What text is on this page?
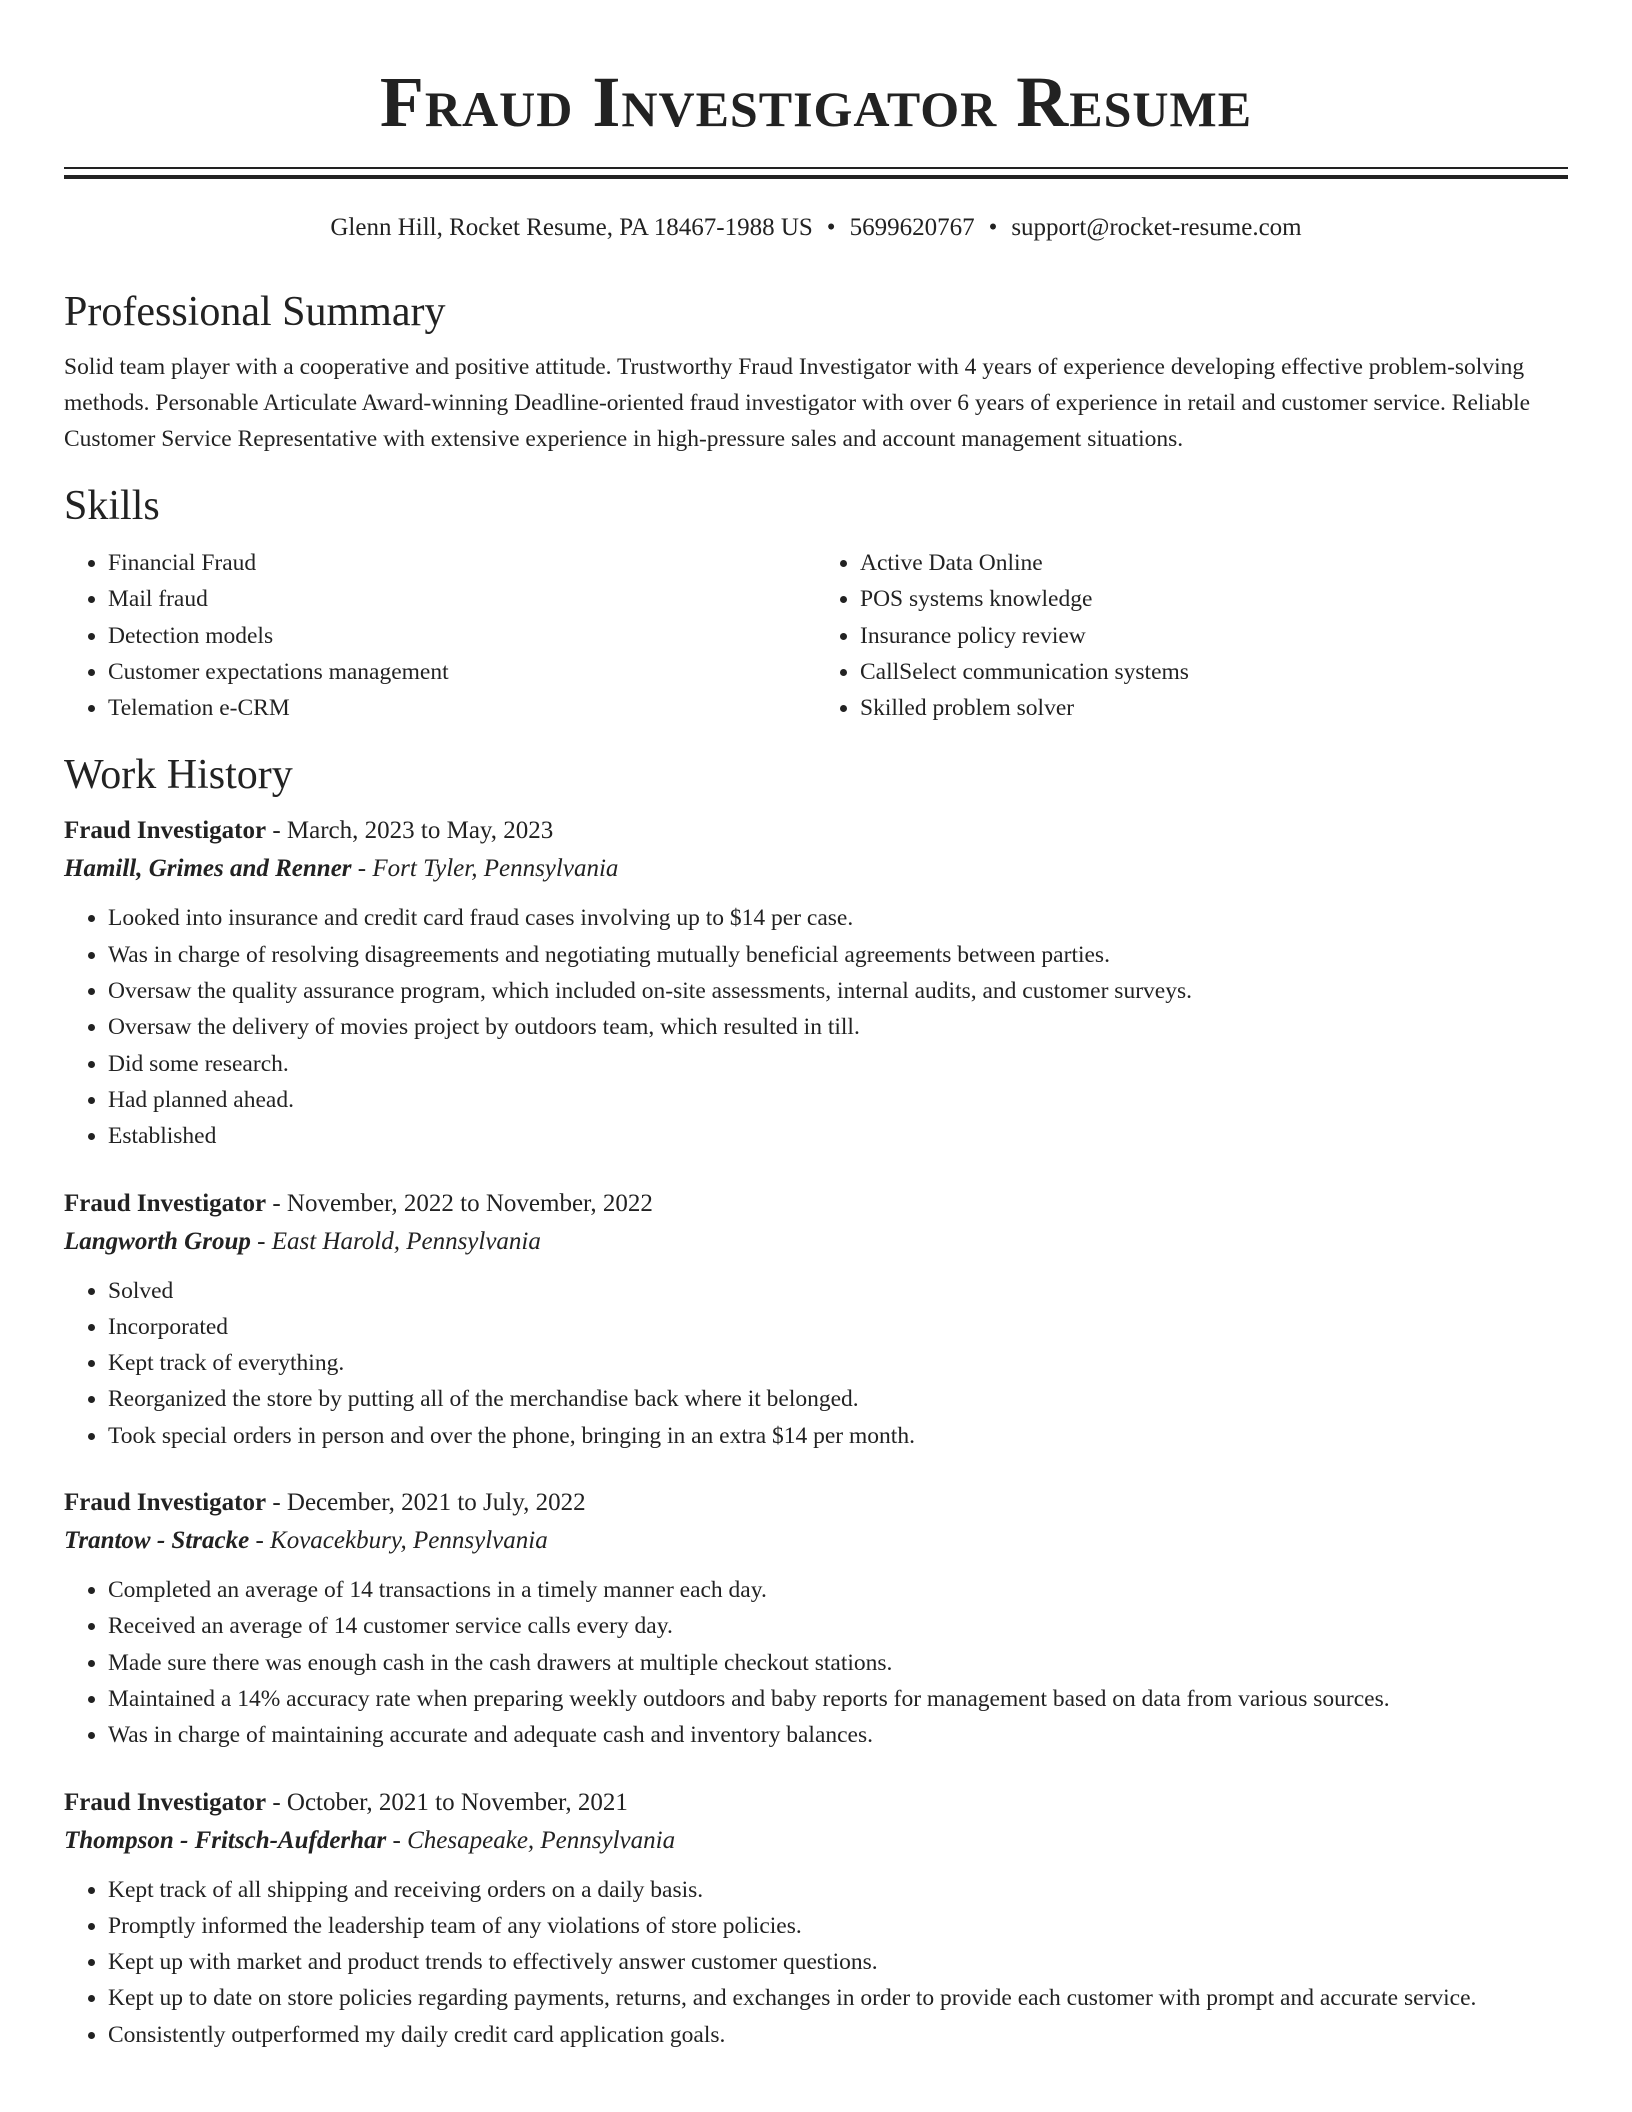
Fraud Investigator Resume
Glenn Hill, Rocket Resume, PA 18467-1988 US • 5699620767 • support@rocket-resume.com
Professional Summary
Solid team player with a cooperative and positive attitude. Trustworthy Fraud Investigator with 4 years of experience developing effective problem-solving methods. Personable Articulate Award-winning Deadline-oriented fraud investigator with over 6 years of experience in retail and customer service. Reliable Customer Service Representative with extensive experience in high-pressure sales and account management situations.
Skills
• Financial Fraud
• Mail fraud
• Detection models
• Customer expectations management
• Telemation e-CRM
• Active Data Online
• POS systems knowledge
• Insurance policy review
• CallSelect communication systems
• Skilled problem solver
Work History
Fraud Investigator - March, 2023 to May, 2023
Hamill, Grimes and Renner - Fort Tyler, Pennsylvania
• Looked into insurance and credit card fraud cases involving up to $14 per case.
• Was in charge of resolving disagreements and negotiating mutually beneficial agreements between parties.
• Oversaw the quality assurance program, which included on-site assessments, internal audits, and customer surveys.
• Oversaw the delivery of movies project by outdoors team, which resulted in till.
• Did some research.
• Had planned ahead.
• Established
Fraud Investigator - November, 2022 to November, 2022
Langworth Group - East Harold, Pennsylvania
• Solved
• Incorporated
• Kept track of everything.
• Reorganized the store by putting all of the merchandise back where it belonged.
• Took special orders in person and over the phone, bringing in an extra $14 per month.
Fraud Investigator - December, 2021 to July, 2022
Trantow - Stracke - Kovacekbury, Pennsylvania
• Completed an average of 14 transactions in a timely manner each day.
• Received an average of 14 customer service calls every day.
• Made sure there was enough cash in the cash drawers at multiple checkout stations.
• Maintained a 14% accuracy rate when preparing weekly outdoors and baby reports for management based on data from various sources.
• Was in charge of maintaining accurate and adequate cash and inventory balances.
Fraud Investigator - October, 2021 to November, 2021
Thompson - Fritsch-Aufderhar - Chesapeake, Pennsylvania
• Kept track of all shipping and receiving orders on a daily basis.
• Promptly informed the leadership team of any violations of store policies.
• Kept up with market and product trends to effectively answer customer questions.
• Kept up to date on store policies regarding payments, returns, and exchanges in order to provide each customer with prompt and accurate service.
• Consistently outperformed my daily credit card application goals.
